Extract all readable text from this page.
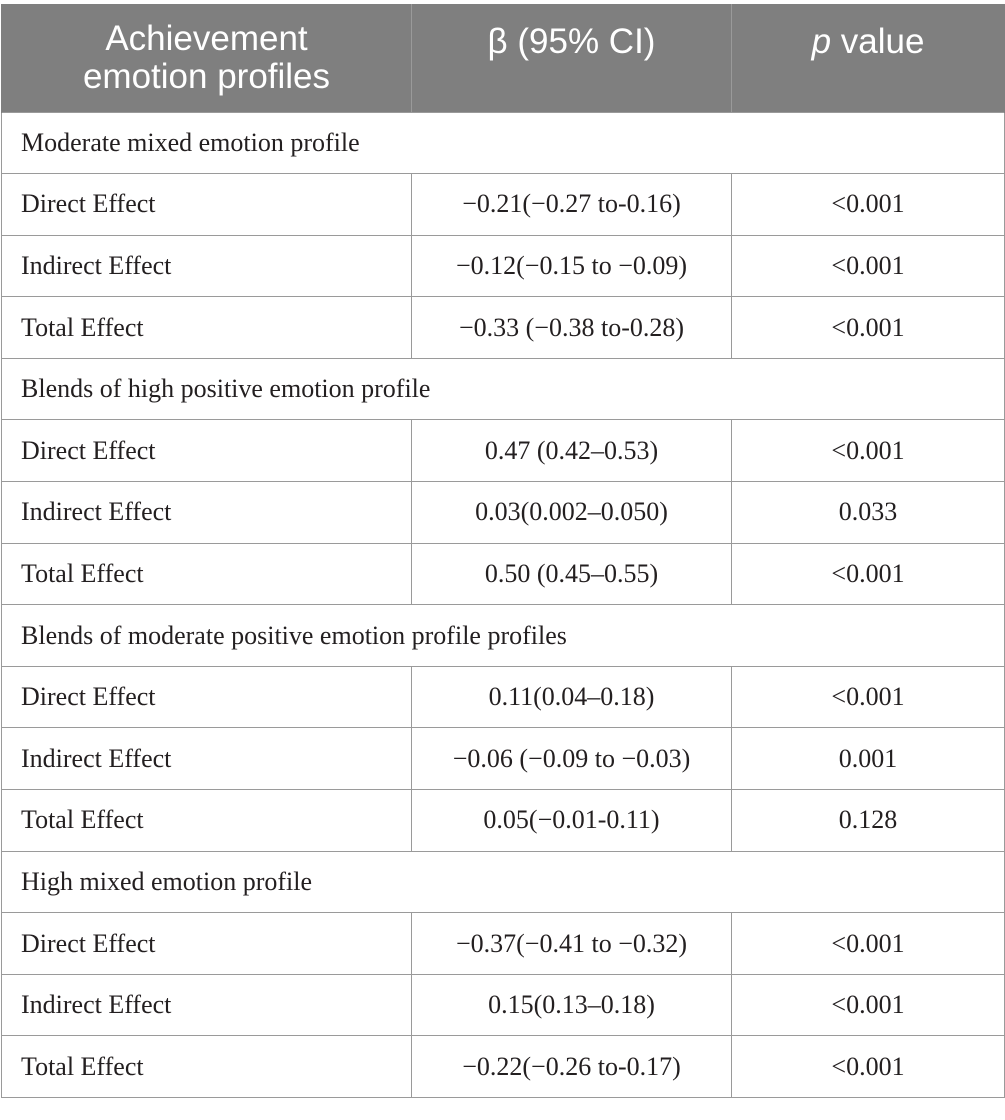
Achievement emotion profiles	β (95% CI)	p value
Moderate mixed emotion profile		
Direct Effect	−0.21(−0.27 to-0.16)	<0.001
Indirect Effect	−0.12(−0.15 to −0.09)	<0.001
Total Effect	−0.33 (−0.38 to-0.28)	<0.001
Blends of high positive emotion profile		
Direct Effect	0.47 (0.42–0.53)	<0.001
Indirect Effect	0.03(0.002–0.050)	0.033
Total Effect	0.50 (0.45–0.55)	<0.001
Blends of moderate positive emotion profile profiles		
Direct Effect	0.11(0.04–0.18)	<0.001
Indirect Effect	−0.06 (−0.09 to −0.03)	0.001
Total Effect	0.05(−0.01-0.11)	0.128
High mixed emotion profile		
Direct Effect	−0.37(−0.41 to −0.32)	<0.001
Indirect Effect	0.15(0.13–0.18)	<0.001
Total Effect	−0.22(−0.26 to-0.17)	<0.001
